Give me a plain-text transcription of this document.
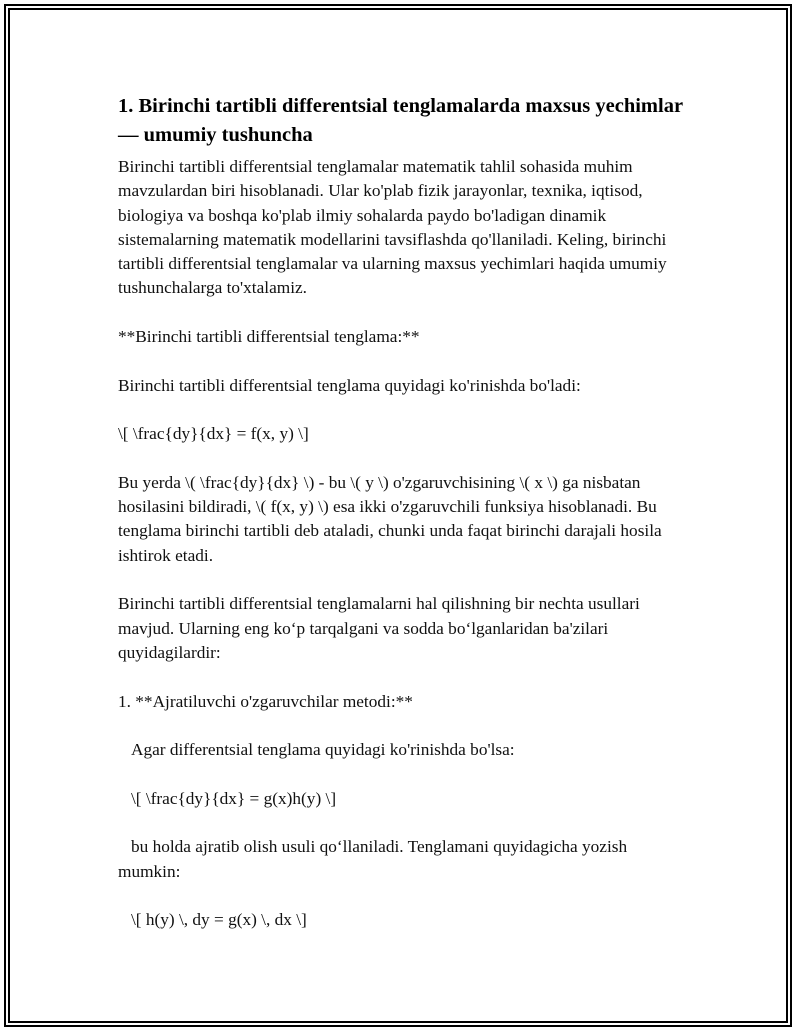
1. Birinchi tartibli differentsial tenglamalarda maxsus yechimlar — umumiy tushuncha

Birinchi tartibli differentsial tenglamalar matematik tahlil sohasida muhim mavzulardan biri hisoblanadi. Ular ko'plab fizik jarayonlar, texnika, iqtisod, biologiya va boshqa ko'plab ilmiy sohalarda paydo bo'ladigan dinamik sistemalarning matematik modellarini tavsiflashda qo'llaniladi. Keling, birinchi tartibli differentsial tenglamalar va ularning maxsus yechimlari haqida umumiy tushunchalarga to'xtalamiz.

**Birinchi tartibli differentsial tenglama:**

Birinchi tartibli differentsial tenglama quyidagi ko'rinishda bo'ladi:

\[ \frac{dy}{dx} = f(x, y) \]

Bu yerda \( \frac{dy}{dx} \) - bu \( y \) o'zgaruvchisining \( x \) ga nisbatan hosilasini bildiradi, \( f(x, y) \) esa ikki o'zgaruvchili funksiya hisoblanadi. Bu tenglama birinchi tartibli deb ataladi, chunki unda faqat birinchi darajali hosila ishtirok etadi.

Birinchi tartibli differentsial tenglamalarni hal qilishning bir nechta usullari mavjud. Ularning eng ko‘p tarqalgani va sodda bo‘lganlaridan ba'zilari quyidagilardir:

1. **Ajratiluvchi o'zgaruvchilar metodi:**

Agar differentsial tenglama quyidagi ko'rinishda bo'lsa:

\[ \frac{dy}{dx} = g(x)h(y) \]

bu holda ajratib olish usuli qo‘llaniladi. Tenglamani quyidagicha yozish mumkin:

\[ h(y) \, dy = g(x) \, dx \]
